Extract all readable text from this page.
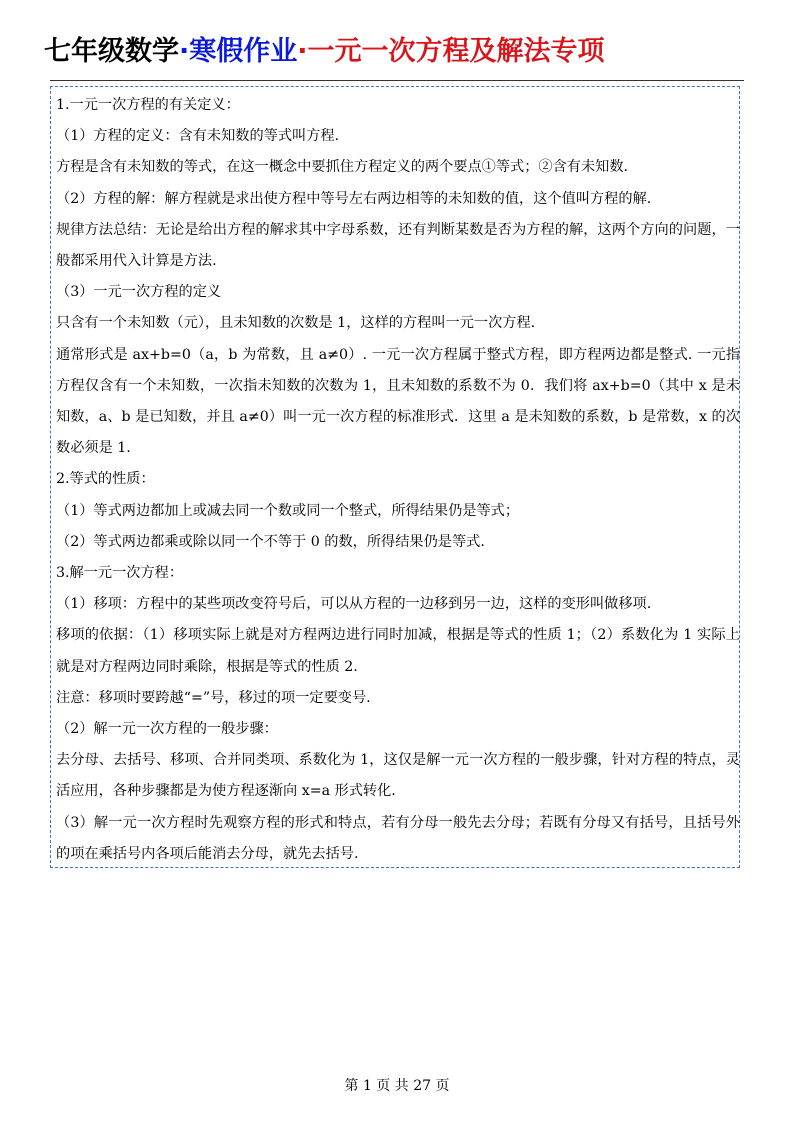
七年级数学·寒假作业·一元一次方程及解法专项

1.一元一次方程的有关定义：

（1）方程的定义：含有未知数的等式叫方程.

方程是含有未知数的等式，在这一概念中要抓住方程定义的两个要点①等式；②含有未知数.

（2）方程的解：解方程就是求出使方程中等号左右两边相等的未知数的值，这个值叫方程的解.

规律方法总结：无论是给出方程的解求其中字母系数，还有判断某数是否为方程的解，这两个方向的问题，一般都采用代入计算是方法.

（3）一元一次方程的定义

只含有一个未知数（元），且未知数的次数是 1，这样的方程叫一元一次方程.

通常形式是 ax+b=0（a，b 为常数，且 a≠0）. 一元一次方程属于整式方程，即方程两边都是整式. 一元指方程仅含有一个未知数，一次指未知数的次数为 1，且未知数的系数不为 0．我们将 ax+b=0（其中 x 是未知数，a、b 是已知数，并且 a≠0）叫一元一次方程的标准形式．这里 a 是未知数的系数，b 是常数，x 的次数必须是 1.

2.等式的性质：

（1）等式两边都加上或减去同一个数或同一个整式，所得结果仍是等式；

（2）等式两边都乘或除以同一个不等于 0 的数，所得结果仍是等式.

3.解一元一次方程：

（1）移项：方程中的某些项改变符号后，可以从方程的一边移到另一边，这样的变形叫做移项.

移项的依据：（1）移项实际上就是对方程两边进行同时加减，根据是等式的性质 1；（2）系数化为 1 实际上就是对方程两边同时乘除，根据是等式的性质 2.

注意：移项时要跨越“=”号，移过的项一定要变号.

（2）解一元一次方程的一般步骤：

去分母、去括号、移项、合并同类项、系数化为 1，这仅是解一元一次方程的一般步骤，针对方程的特点，灵活应用，各种步骤都是为使方程逐渐向 x=a 形式转化.

（3）解一元一次方程时先观察方程的形式和特点，若有分母一般先去分母；若既有分母又有括号，且括号外的项在乘括号内各项后能消去分母，就先去括号.

第 1 页 共 27 页
